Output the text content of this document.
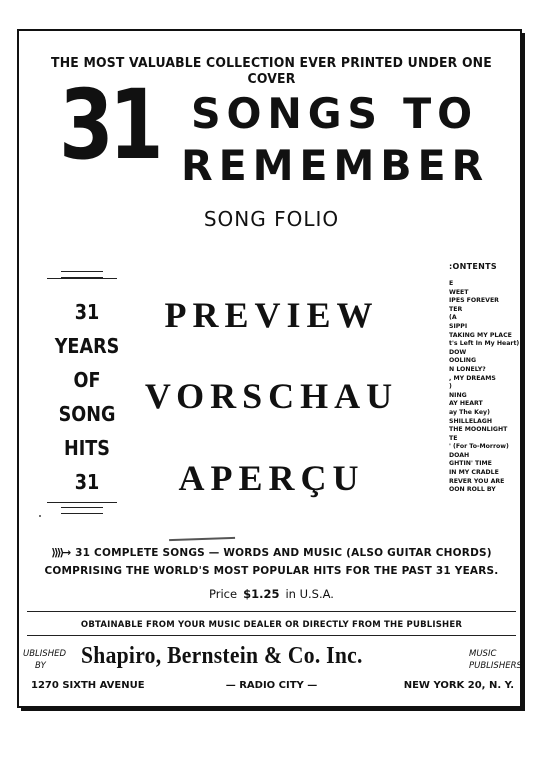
THE MOST VALUABLE COLLECTION EVER PRINTED UNDER ONE COVER
31 SONGS TO
REMEMBER
SONG FOLIO
31
YEARS
OF
SONG
HITS
31
PREVIEW
VORSCHAU
APERÇU
:ONTENTS
E
WEET
IPES FOREVER
TER
(A
SIPPI
TAKING MY PLACE
t's Left In My Heart)
DOW
OOLING
N LONELY?
, MY DREAMS
)
NING
AY HEART
ay The Key)
SHILLELAGH
THE MOONLIGHT
TE
' (For To-Morrow)
DOAH
GHTIN' TIME
IN MY CRADLE
REVER YOU ARE
OON ROLL BY
⟫⟫→ 31 COMPLETE SONGS — WORDS AND MUSIC (ALSO GUITAR CHORDS)
COMPRISING THE WORLD'S MOST POPULAR HITS FOR THE PAST 31 YEARS.
Price $1.25 in U.S.A.
OBTAINABLE FROM YOUR MUSIC DEALER OR DIRECTLY FROM THE PUBLISHER
UBLISHED
BY	Shapiro, Bernstein & Co. Inc.	MUSIC
PUBLISHERS
— RADIO CITY —
1270 SIXTH AVENUE	NEW YORK 20, N. Y.
